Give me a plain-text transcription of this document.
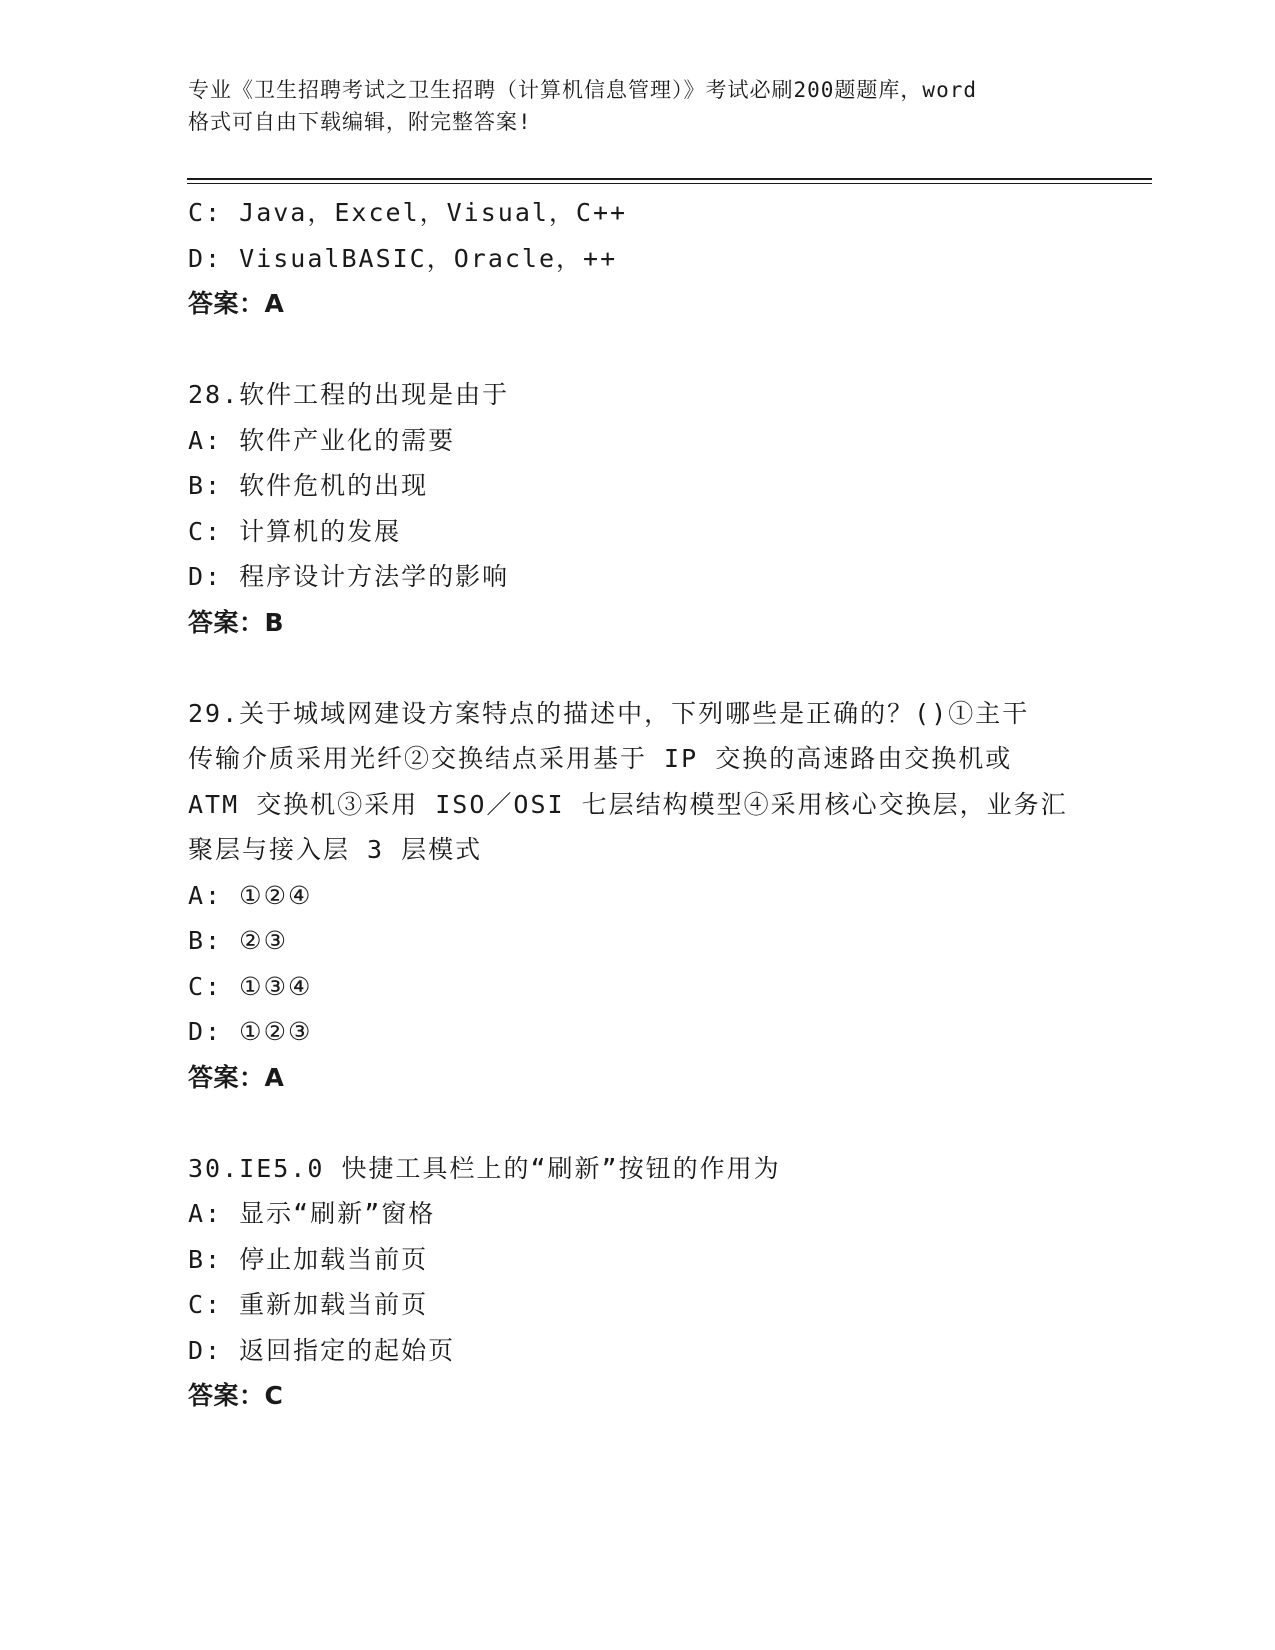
专业《卫生招聘考试之卫生招聘（计算机信息管理）》考试必刷200题题库，word
格式可自由下载编辑，附完整答案!
C: Java，Excel，Visual，C++
D: VisualBASIC，Oracle，++
答案：A
28.软件工程的出现是由于
A: 软件产业化的需要
B: 软件危机的出现
C: 计算机的发展
D: 程序设计方法学的影响
答案：B
29.关于城域网建设方案特点的描述中，下列哪些是正确的？()①主干
传输介质采用光纤②交换结点采用基于 IP 交换的高速路由交换机或
ATM 交换机③采用 ISO／OSI 七层结构模型④采用核心交换层，业务汇
聚层与接入层 3 层模式
A: ①②④
B: ②③
C: ①③④
D: ①②③
答案：A
30.IE5.0 快捷工具栏上的“刷新”按钮的作用为
A: 显示“刷新”窗格
B: 停止加载当前页
C: 重新加载当前页
D: 返回指定的起始页
答案：C
